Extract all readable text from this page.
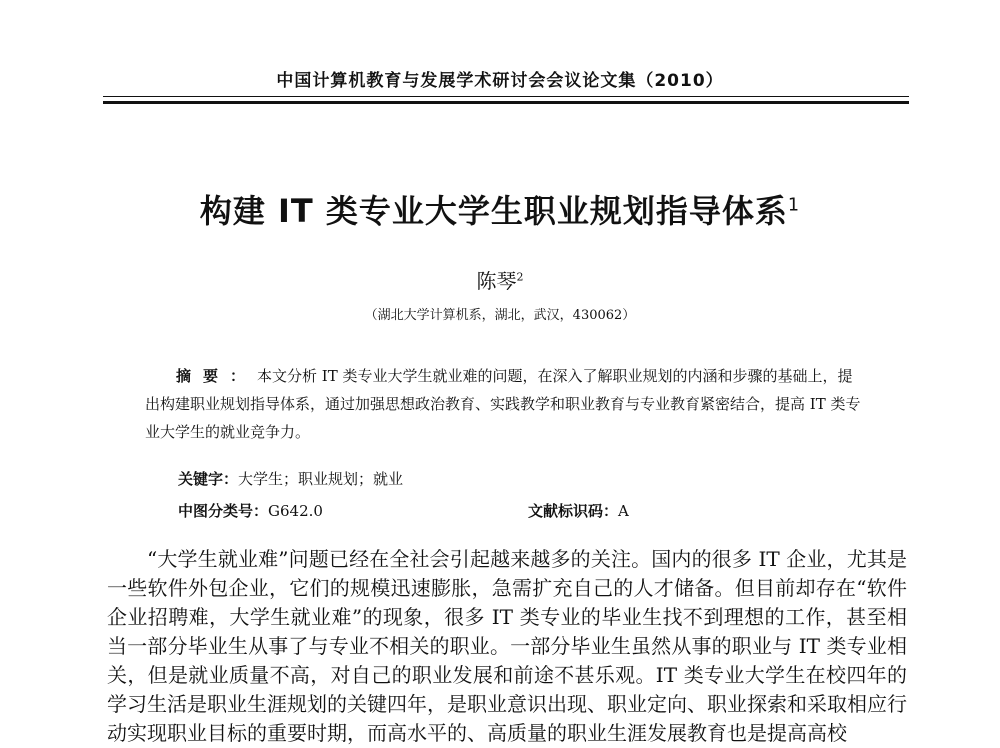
中国计算机教育与发展学术研讨会会议论文集（2010）
构建 IT 类专业大学生职业规划指导体系$^1$
陈琴$^2$
（湖北大学计算机系，湖北，武汉，430062）
摘要：本文分析 IT 类专业大学生就业难的问题，在深入了解职业规划的内涵和步骤的基础上，提出构建职业规划指导体系，通过加强思想政治教育、实践教学和职业教育与专业教育紧密结合，提高 IT 类专业大学生的就业竞争力。
关键字：大学生；职业规划；就业
中图分类号：G642.0	文献标识码：A

“大学生就业难”问题已经在全社会引起越来越多的关注。国内的很多 IT 企业，尤其是一些软件外包企业，它们的规模迅速膨胀，急需扩充自己的人才储备。但目前却存在“软件企业招聘难，大学生就业难”的现象，很多 IT 类专业的毕业生找不到理想的工作，甚至相当一部分毕业生从事了与专业不相关的职业。一部分毕业生虽然从事的职业与 IT 类专业相关，但是就业质量不高，对自己的职业发展和前途不甚乐观。IT 类专业大学生在校四年的学习生活是职业生涯规划的关键四年，是职业意识出现、职业定向、职业探索和采取相应行动实现职业目标的重要时期，而高水平的、高质量的职业生涯发展教育也是提高高校
